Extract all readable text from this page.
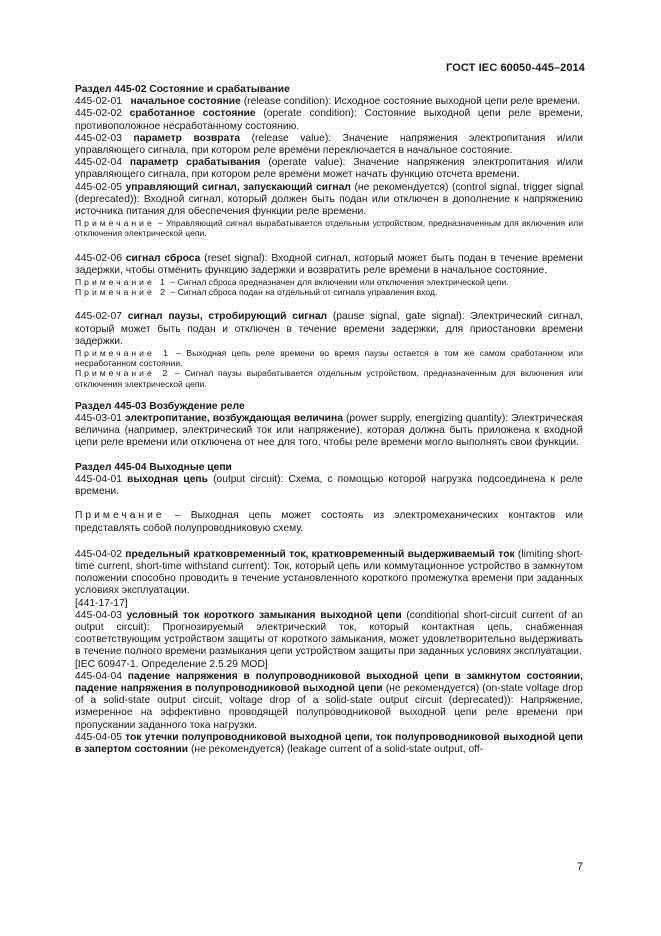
ГОСТ IEC 60050-445–2014

Раздел 445-02 Состояние и срабатывание

445-02-01 начальное состояние (release condition): Исходное состояние выходной цепи реле времени.

445-02-02 сработанное состояние (operate condition): Состояние выходной цепи реле времени, противоположное несработанному состоянию.

445-02-03 параметр возврата (release value): Значение напряжения электропитания и/или управляющего сигнала, при котором реле времени переключается в начальное состояние.

445-02-04 параметр срабатывания (operate value): Значение напряжения электропитания и/или управляющего сигнала, при котором реле времени может начать функцию отсчета времени.

445-02-05 управляющий сигнал, запускающий сигнал (не рекомендуется) (control signal, trigger signal (deprecated)): Входной сигнал, который должен быть подан или отключен в дополнение к напряжению источника питания для обеспечения функции реле времени.

Примечание − Управляющий сигнал вырабатывается отдельным устройством, предназначенным для включения или отключения электрической цепи.

445-02-06 сигнал сброса (reset signal): Входной сигнал, который может быть подан в течение времени задержки, чтобы отменить функцию задержки и возвратить реле времени в начальное состояние.

Примечание 1 − Сигнал сброса предназначен для включении или отключения электрической цепи.

Примечание 2 − Сигнал сброса подан на отдельный от сигнала управления вход.

445-02-07 сигнал паузы, стробирующий сигнал (pause signal, gate signal): Электрический сигнал, который может быть подан и отключен в течение времени задержки, для приостановки времени задержки.

Примечание 1 – Выходная цепь реле времени во время паузы остается в том же самом сработанном или несработанном состоянии.

Примечание 2 – Сигнал паузы вырабатывается отдельным устройством, предназначенным для включения или отключения электрической цепи.

Раздел 445-03 Возбуждение реле

445-03-01 электропитание, возбуждающая величина (power supply, energizing quantity): Электрическая величина (например, электрический ток или напряжение), которая должна быть приложена к входной цепи реле времени или отключена от нее для того, чтобы реле времени могло выполнять свои функции.

Раздел 445-04 Выходные цепи

445-04-01 выходная цепь (output circuit): Схема, с помощью которой нагрузка подсоединена к реле времени.

Примечание – Выходная цепь может состоять из электромеханических контактов или представлять собой полупроводниковую схему.

445-04-02 предельный кратковременный ток, кратковременный выдерживаемый ток (limiting short-time current, short-time withstand current): Ток, который цепь или коммутационное устройство в замкнутом положении способно проводить в течение установленного короткого промежутка времени при заданных условиях эксплуатации.

[441-17-17]

445-04-03 условный ток короткого замыкания выходной цепи (conditional short-circuit current of an output circuit): Прогнозируемый электрический ток, который контактная цепь, снабженная соответствующим устройством защиты от короткого замыкания, может удовлетворительно выдерживать в течение полного времени размыкания цепи устройством защиты при заданных условиях эксплуатации.

[IEC 60947-1. Определение 2.5.29 MOD]

445-04-04 падение напряжения в полупроводниковой выходной цепи в замкнутом состоянии, падение напряжения в полупроводниковой выходной цепи (не рекомендуется) (on-state voltage drop of a solid-state output circuit, voltage drop of a solid-state output circuit (deprecated)): Напряжение, измеренное на эффективно проводящей полупроводниковой выходной цепи реле времени при пропускании заданного тока нагрузки.

445-04-05 ток утечки полупроводниковой выходной цепи, ток полупроводниковой выходной цепи в запертом состоянии (не рекомендуется) (leakage current of a solid-state output, off-

7
